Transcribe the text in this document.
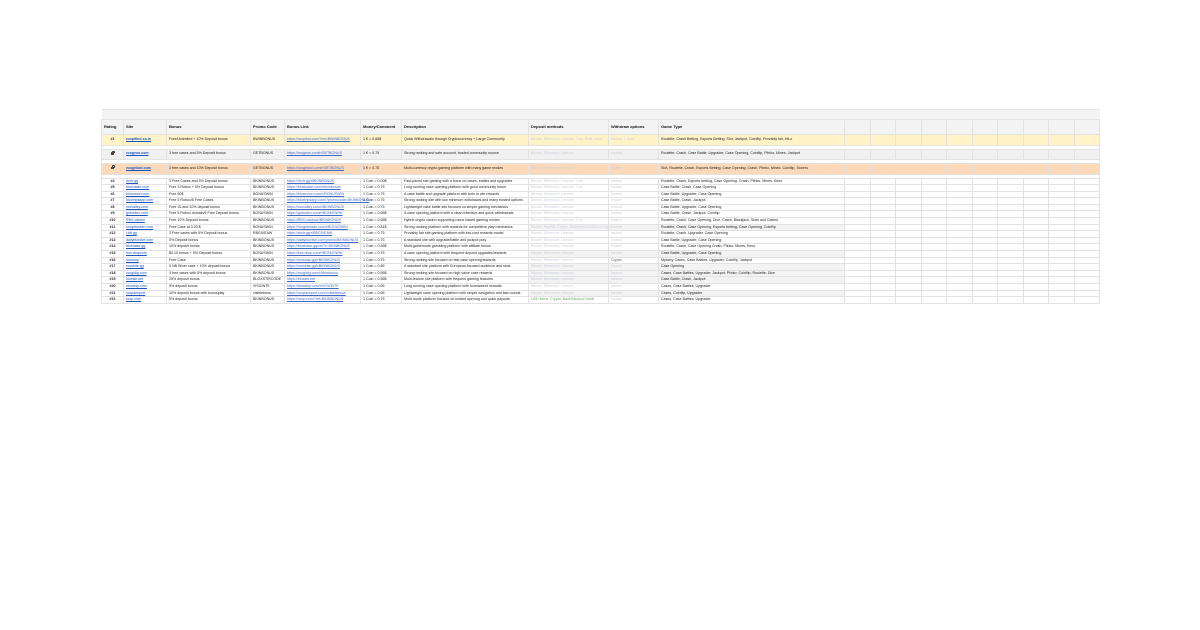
Rating	Site	Bonus	Promo Code	Bonus Link	Money/Comment	Description	Deposit methods	Withdraw options	Game Type										
#1	rooplfind.co.in	Free/Unlimited + 10% Deposit bonus	BWINBONUS	https://rooplind.com/?ref=BWINBONUS	1 € = 0.85$	Quick Withdrawals through Cryptocurrency + Large Community	Bitcoin, Ethereum, Litecoin, Tron, BNB, more	Instant, 1 hour	Roulette, Crash Betting, Esports Betting, Slot, Jackpot, Coinflip, Provably fair, HiLo										

	roogeus.com	3 free cases and 5% Deposit bonus	GETBONUS	https://roogeus.com/r/GETBONUS	1 € = 0.75	Strong ranking and safe account, trusted community source	Bitcoin, Ethereum, Litecoin	Instant	Roulette, Crash, Case Battle, Upgrader, Case Opening, Coinflip, Plinko, Mines, Jackpot										

	roogeloot.com	3 free cases and 10% Deposit bonus	GETBONUS	https://roogeloot.com/r/GETBONUS	1 € = 0.75	Multi-currency crypto gaming platform with many game modes	Bitcoin, Ethereum, Litecoin	Instant	Slot, Roulette, Crash, Esports Betting, Case Opening, Crash, Plinko, Mines, Coinflip, Towers										

#4	rbxfr.gg	3 Free Cases and 5% Deposit bonus	BKINBONUS	https://rbxfr.gg/r/BKINBONUS	1 Coin = 0.00$	Fast-paced site gaming with a focus on cases, battles and upgrades	Bitcoin, Ethereum, Litecoin, Tron	Instant	Roulette, Crash, Esports betting, Case Opening, Crash, Plinko, Mines, Keno										
#5	bloxhaste.com	Free 3 Robux + 5% Deposit bonus	BKINBONUS	https://bloxhaste.com/r/bkinbonus	1 Coin = 0.75	Long running case opening platform with good community forum	Bitcoin, Ethereum, Litecoin, Tron	Instant	Case Battle, Crash, Case Opening										
#6	bloxmoon.com	Free 50$	BONUSWIN	https://bloxmoon.com/r/BONUSWIN	1 Coin = 0.75	A case battle and upgrade platform with bots to win rewards	Bitcoin, Ethereum, Litecoin	Instant	Case Battle, Upgrader, Case Opening										
#7	bloxtripsapp.com	Free 5 Robux/5 Free Cases	BKINBONUS	https://bloxtripsapp.com/?promocode=BKINBONUS	1 Coin = 0.75	Strong ranking site with low minimum withdrawal and many trusted options	Bitcoin, Ethereum, Litecoin	Instant	Case Battle, Crash, Jackpot										
#8	roovalley.com	Free 15 and 10% deposit bonus	BKINBONUS	https://roovalley.com/r/BKINBONUS	1 Coin = 0.75	Lightweight case battle site focused on simple gaming mechanics	Bitcoin, Ethereum, Litecoin	Instant	Case Battle, Upgrader, Case Opening										
#9	gofordex.com	Free 5 Robux domain/5 Free Deposit bonus	BONUSWIN	https://gofordex.com/r/BONUSWIN	1 Coin = 0.65$	A case opening platform with a clean interface and quick withdrawals	Bitcoin, Ethereum, Litecoin	Instant	Case Battle, Crash, Jackpot, Coinflip										
#10	RBX.casino	Free 10% Deposit bonus	BKINBONUS	https://RBX.casino/r/BKINBONUS	1 Coin = 0.65$	Hybrid crypto casino supporting robux based gaming modes	Bitcoin, Ethereum, Litecoin, Tron	Instant	Roulette, Crash, Case Opening, Dice, Crash, Blackjack, Slots and Casino										
#11	roogetmade.com	Free Case at 3.00 $	BONUSWIN	https://roogetmade.com/r/BONUSWIN	1 Coin = 0.81$	Strong ranking platform with rewards for competitive play mechanics	Bitcoin, PayPal, Crypto, Bank/Neutral Direct Login	Instant	Roulette, Crash, Case Opening, Esports betting, Case Opening, Coinflip										
#12	r.bit.gg	3 Free cases with 5% Deposit bonus	RBGIVEAW	https://rbxfr.gg/r/RBGIVEAW	1 Coin = 0.75	Provably fair site gaming platform with low-cost rewards model	Bitcoin, Ethereum, Litecoin	Instant	Roulette, Crash, Upgrader, Case Opening										
#13	dailybloxlive.com	5% Deposit bonus	BKINBONUS	https://dailybloxlive.com/promo/BKINBONUS	1 Coin = 0.75	A standard site with upgrade/battle and jackpot play	Bitcoin, Ethereum, Litecoin	Instant	Case Battle, Upgrader, Case Opening										
#14	bloxbase.gg	10% deposit bonus	BKINBONUS	https://bloxbase.gg/ref/?r=BKINBONUS	1 Coin = 0.55$	Multi-gamemode gambling platform with affiliate bonus	Bitcoin, Ethereum, Litecoin	Instant	Roulette, Crash, Case Opening Crash, Plinko, Mines, Keno										
#15	bux.dropcom	$0.10 bonus + 5% Deposit bonus	BONUSWIN	https://bux.drop.com/r/BONUSWIN	1 Coin = 0.75	A case opening platform with frequent deposit upgrades/rewards	Bitcoin, Ethereum, Litecoin	Instant	Case Battle, Upgrader, Case Opening										
#16	rooscap	Free Case	BKINBONUS	https://rooscap.gg/r/BKINBONUS	1 Coin = 0.75	Strong ranking site focused on fast case opening/rewards	Bitcoin, Ethereum, Litecoin	Crypto	Mystery Cases, Case Battles, Upgrader, Coinflip, Jackpot										
#17	roosbite.gg	5 NB Silver case + 10% deposit bonus	BKINBONUS	https://roosbite.gg/r/BKINBONUS	1 Coin = 0.65	A standard site platform with European-focused audience and slots	Bitcoin, Ethereum, Litecoin	Instant	Case Opening										
#18	roogidlg.com	3 free cases with 5% deposit bonus	BKINBONUS	https://roogidlg.com/r/bkinbonus	1 Coin = 0.55$	Strong ranking site focused on high value case rewards	Bitcoin, Ethereum, Litecoin	Instant	Cases, Case Battles, Upgrader, Jackpot, Plinko, Coinflip, Roulette, Dice										
#19	bloxstir.net	25% deposit bonus	BLOXSTIRCODE	https://bloxstir.net	1 Coin = 0.55$	Multi-feature site platform with frequent gaming features	Bitcoin, Ethereum, Litecoin	Instant	Case Battle, Crash, Jackpot										
#20	bloxship.com	5% deposit bonus	VISIONTE	https://bloxship.com/r/VISIONTE	1 Coin = 0.65	Long running case opening platform with tournament rewards	Bitcoin, Ethereum, Litecoin	Instant	Cases, Case Battles, Upgrader										
#21	roopaceport	10% deposit bonus with bonusplay	visiblebnus	https://roopaceport.com/r/visiblebnus	1 Coin = 0.65	Lightweight case opening platform with simple navigation and fast rounds	Bitcoin, Ethereum, Litecoin	Instant	Cases, Coinflip, Upgrader										
#22	roop.com	5% deposit bonus	BKINBONUS	https://roop.com/?ref=BKINBONUS	1 Coin = 0.75	Multi-mode platform focused on instant opening and quick payouts	USD items, Crypto, Bank/Neutral Credit	Instant	Cases, Case Battles, Upgrader										
